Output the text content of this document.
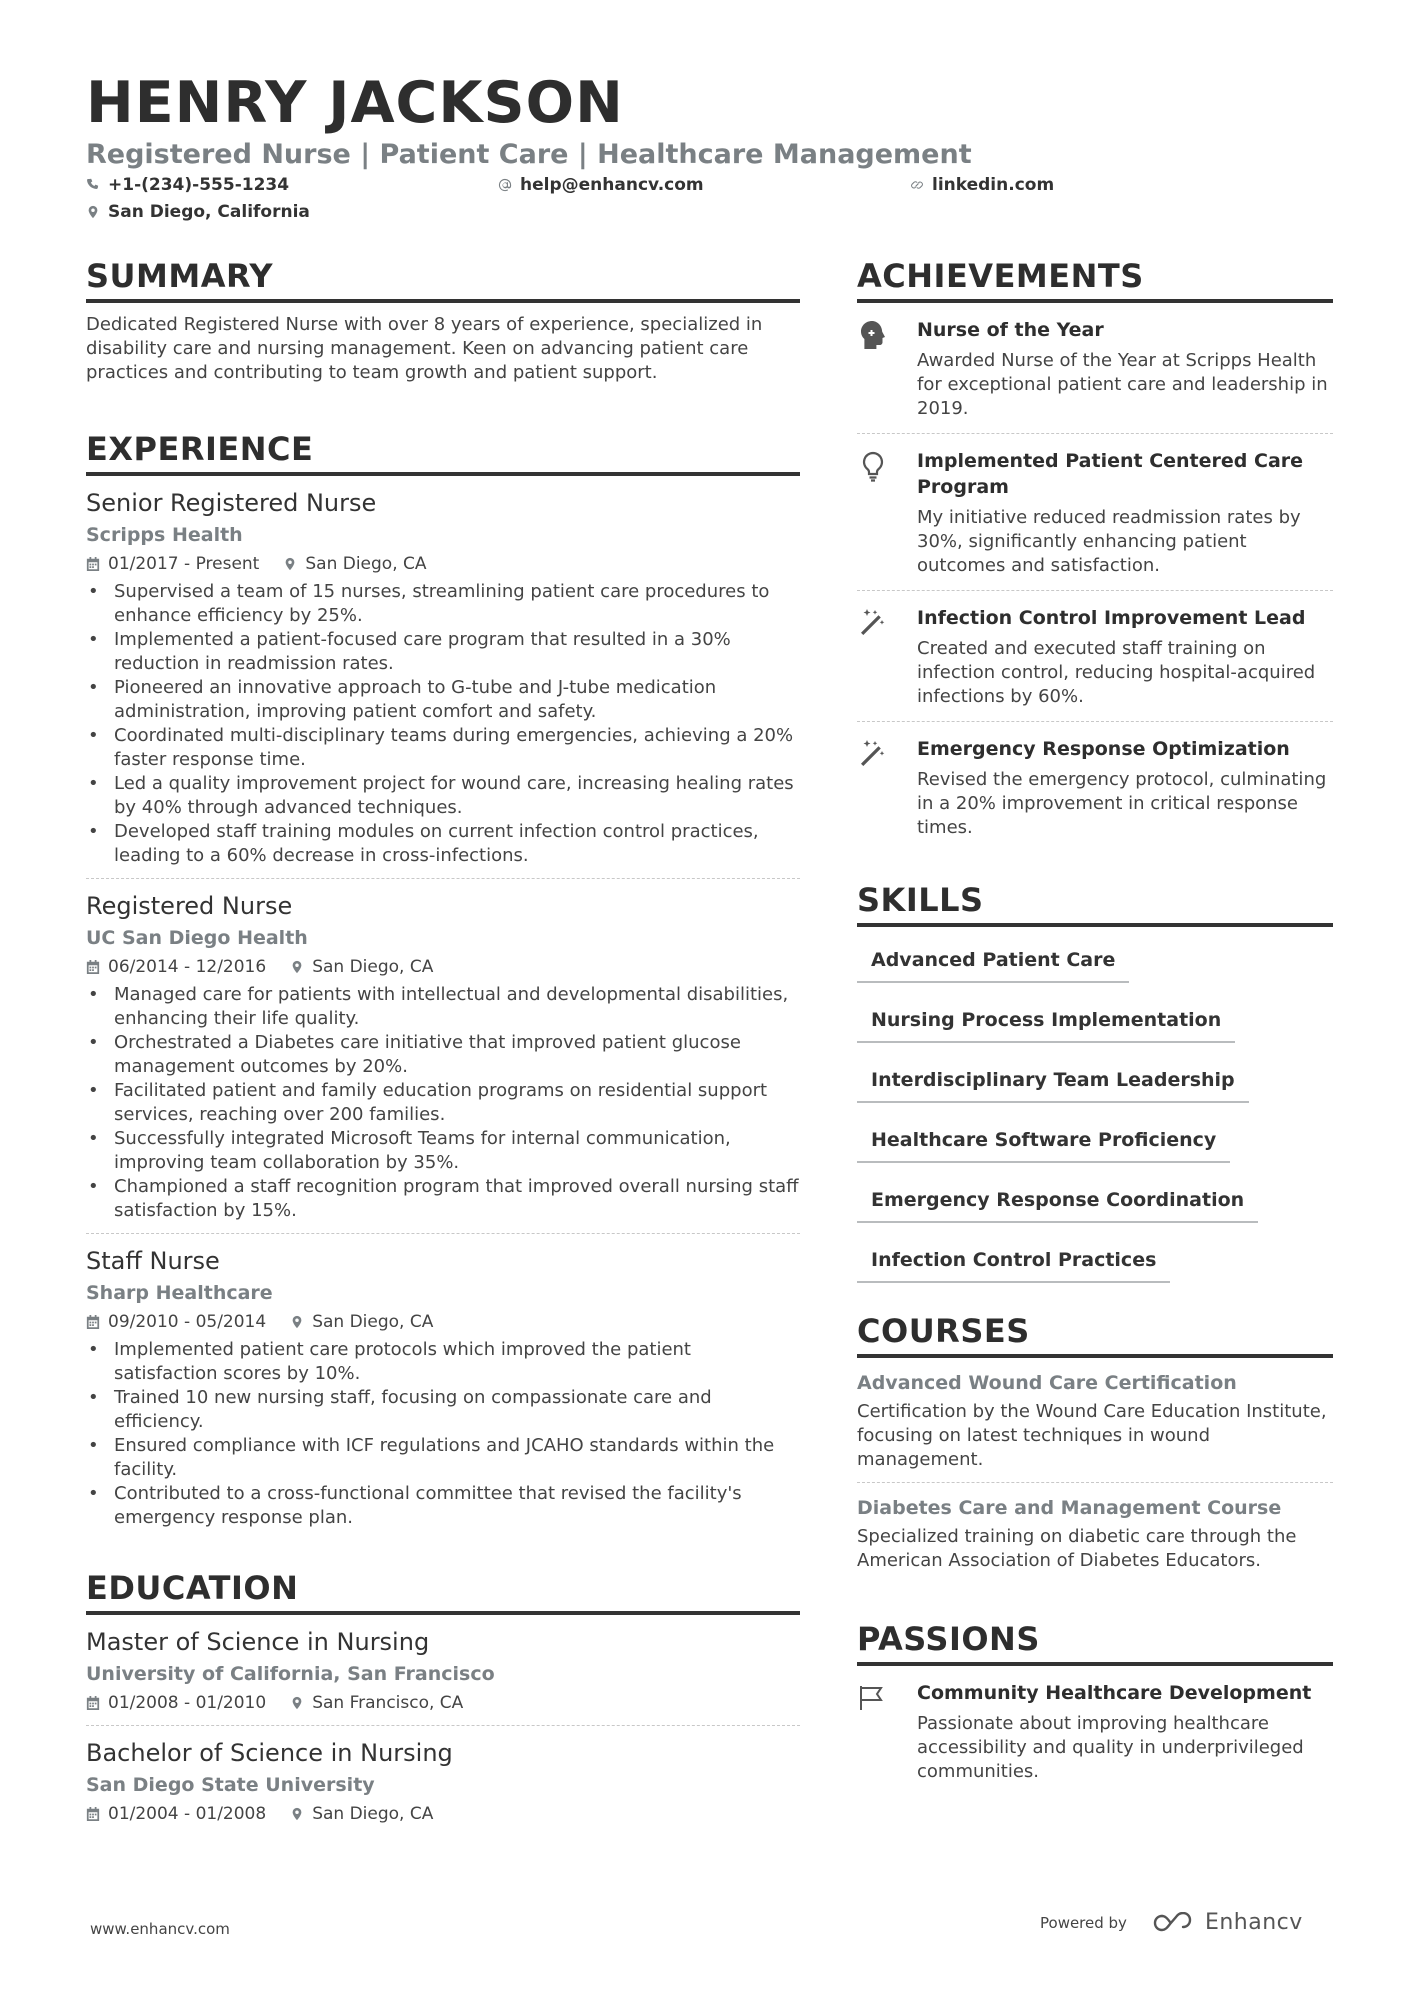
HENRY JACKSON
Registered Nurse | Patient Care | Healthcare Management
+1-(234)-555-1234	help@enhancv.com	linkedin.com
San Diego, California
SUMMARY
Dedicated Registered Nurse with over 8 years of experience, specialized in disability care and nursing management. Keen on advancing patient care practices and contributing to team growth and patient support.
EXPERIENCE
Senior Registered Nurse
Scripps Health
01/2017 - Present	San Diego, CA
• Supervised a team of 15 nurses, streamlining patient care procedures to enhance efficiency by 25%.
• Implemented a patient-focused care program that resulted in a 30% reduction in readmission rates.
• Pioneered an innovative approach to G-tube and J-tube medication administration, improving patient comfort and safety.
• Coordinated multi-disciplinary teams during emergencies, achieving a 20% faster response time.
• Led a quality improvement project for wound care, increasing healing rates by 40% through advanced techniques.
• Developed staff training modules on current infection control practices, leading to a 60% decrease in cross-infections.
Registered Nurse
UC San Diego Health
06/2014 - 12/2016	San Diego, CA
• Managed care for patients with intellectual and developmental disabilities, enhancing their life quality.
• Orchestrated a Diabetes care initiative that improved patient glucose management outcomes by 20%.
• Facilitated patient and family education programs on residential support services, reaching over 200 families.
• Successfully integrated Microsoft Teams for internal communication, improving team collaboration by 35%.
• Championed a staff recognition program that improved overall nursing staff satisfaction by 15%.
Staff Nurse
Sharp Healthcare
09/2010 - 05/2014	San Diego, CA
• Implemented patient care protocols which improved the patient satisfaction scores by 10%.
• Trained 10 new nursing staff, focusing on compassionate care and efficiency.
• Ensured compliance with ICF regulations and JCAHO standards within the facility.
• Contributed to a cross-functional committee that revised the facility's emergency response plan.
EDUCATION
Master of Science in Nursing
University of California, San Francisco
01/2008 - 01/2010	San Francisco, CA
Bachelor of Science in Nursing
San Diego State University
01/2004 - 01/2008	San Diego, CA
ACHIEVEMENTS
Nurse of the Year
Awarded Nurse of the Year at Scripps Health for exceptional patient care and leadership in 2019.
Implemented Patient Centered Care Program
My initiative reduced readmission rates by 30%, significantly enhancing patient outcomes and satisfaction.
Infection Control Improvement Lead
Created and executed staff training on infection control, reducing hospital-acquired infections by 60%.
Emergency Response Optimization
Revised the emergency protocol, culminating in a 20% improvement in critical response times.
SKILLS
Advanced Patient Care
Nursing Process Implementation
Interdisciplinary Team Leadership
Healthcare Software Proficiency
Emergency Response Coordination
Infection Control Practices
COURSES
Advanced Wound Care Certification
Certification by the Wound Care Education Institute, focusing on latest techniques in wound management.
Diabetes Care and Management Course
Specialized training on diabetic care through the American Association of Diabetes Educators.
PASSIONS
Community Healthcare Development
Passionate about improving healthcare accessibility and quality in underprivileged communities.
www.enhancv.com	Powered by	Enhancv
